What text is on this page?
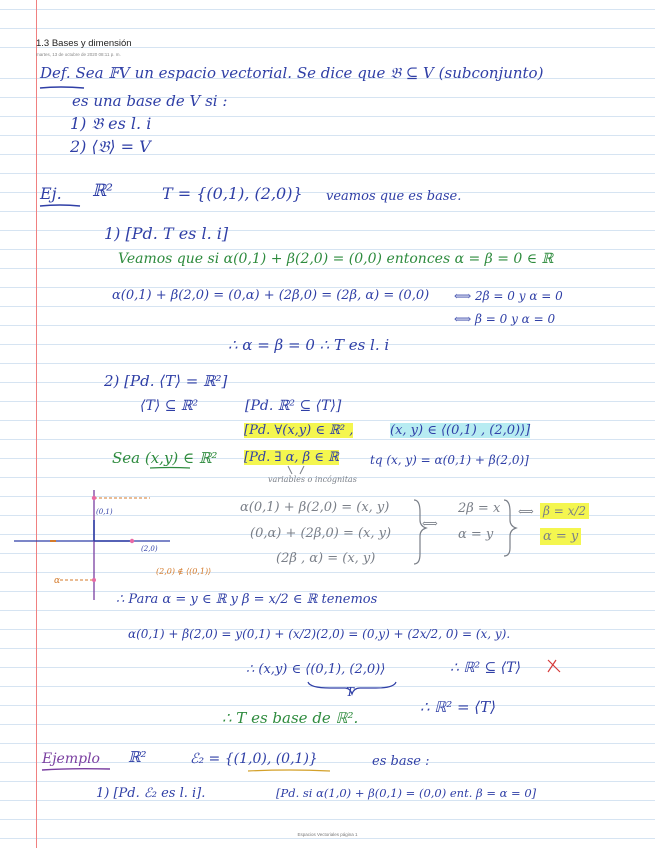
1.3 Bases y dimensión
martes, 13 de octubre de 2020 08:11 p. m.
Def. Sea 𝔽V un espacio vectorial. Se dice que 𝔅 ⊆ V (subconjunto)
es una base de V si :
1) 𝔅 es l. i
2) ⟨𝔅⟩ = V
Ej. ℝ²	T = {(0,1), (2,0)} veamos que es base.
1) [Pd. T es l. i]
Veamos que si α(0,1) + β(2,0) = (0,0) entonces α = β = 0 ∈ ℝ
α(0,1) + β(2,0) = (0,α) + (2β,0) = (2β, α) = (0,0) ⟺ 2β = 0 y α = 0
⟺ β = 0 y α = 0
∴ α = β = 0 ∴ T es l. i
2) [Pd. ⟨T⟩ = ℝ²]
⟨T⟩ ⊆ ℝ²	[Pd. ℝ² ⊆ ⟨T⟩]
[Pd. ∀(x,y) ∈ ℝ² ,	(x, y) ∈ ⟨(0,1) , (2,0)⟩]
Sea (x,y) ∈ ℝ² [Pd. ∃ α, β ∈ ℝ	tq (x, y) = α(0,1) + β(2,0)]
variables o incógnitas
α(0,1) + β(2,0) = (x, y)
(0,α) + (2β,0) = (x, y)
(2β , α) = (x, y)
⟺
2β = x
α = y
⟺ β = x/2
α = y
(0,1)
(2,0)
(2,0) ∉ ⟨(0,1)⟩
α
∴ Para α = y ∈ ℝ y β = x/2 ∈ ℝ tenemos
α(0,1) + β(2,0) = y(0,1) + (x/2)(2,0) = (0,y) + (2x/2, 0) = (x, y).
∴ (x,y) ∈ ⟨(0,1), (2,0)⟩
T
∴ ℝ² ⊆ ⟨T⟩
∴ T es base de ℝ².
∴ ℝ² = ⟨T⟩
Ejemplo ℝ²	ℰ₂ = {(1,0), (0,1)}	es base :
1) [Pd. ℰ₂ es l. i].	[Pd. si α(1,0) + β(0,1) = (0,0) ent. β = α = 0]
Espacios Vectoriales página 1
